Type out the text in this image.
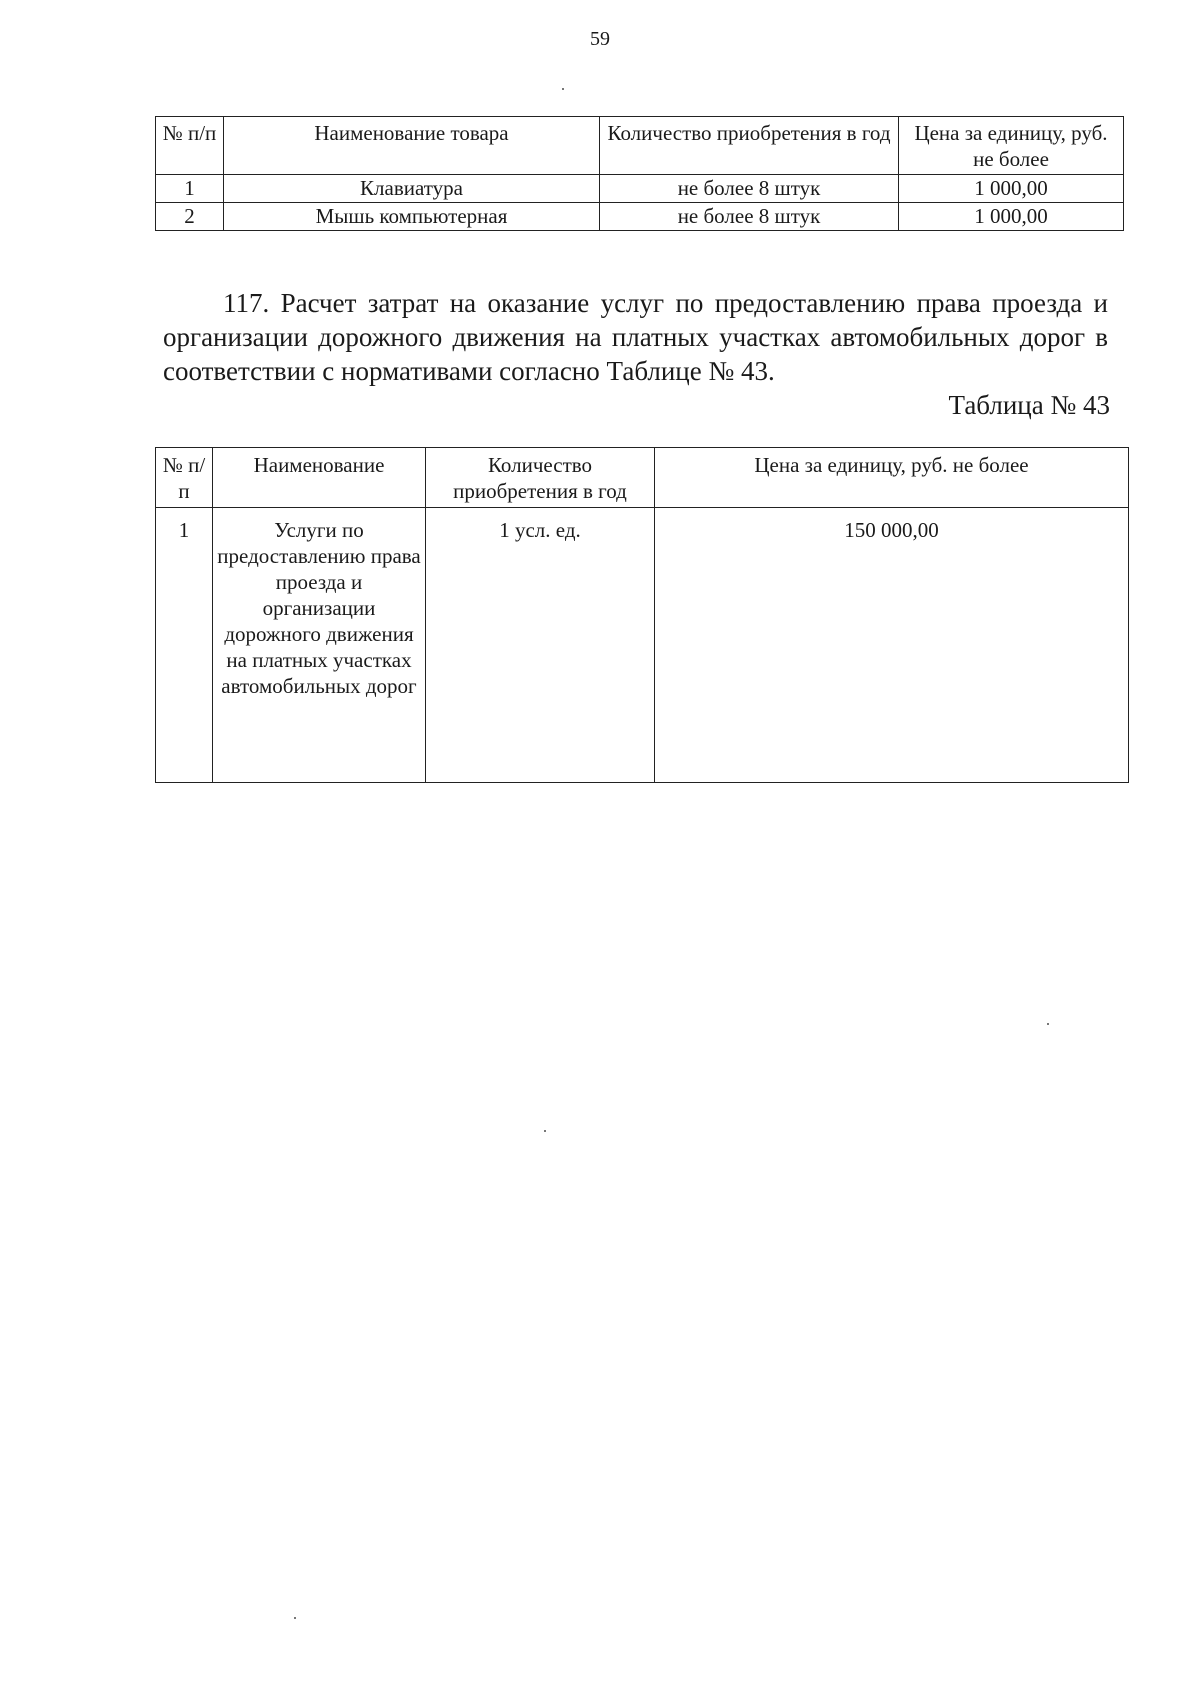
59
№ п/п	Наименование товара	Количество приобретения в год	Цена за единицу, руб. не более
1	Клавиатура	не более 8 штук	1 000,00
2	Мышь компьютерная	не более 8 штук	1 000,00

117. Расчет затрат на оказание услуг по предоставлению права проезда и организации дорожного движения на платных участках автомобильных дорог в соответствии с нормативами согласно Таблице № 43.

Таблица № 43
№ п/п	Наименование	Количество приобретения в год	Цена за единицу, руб. не более
1	Услуги по предоставлению права проезда и организации дорожного движения на платных участках автомобильных дорог	1 усл. ед.	150 000,00
